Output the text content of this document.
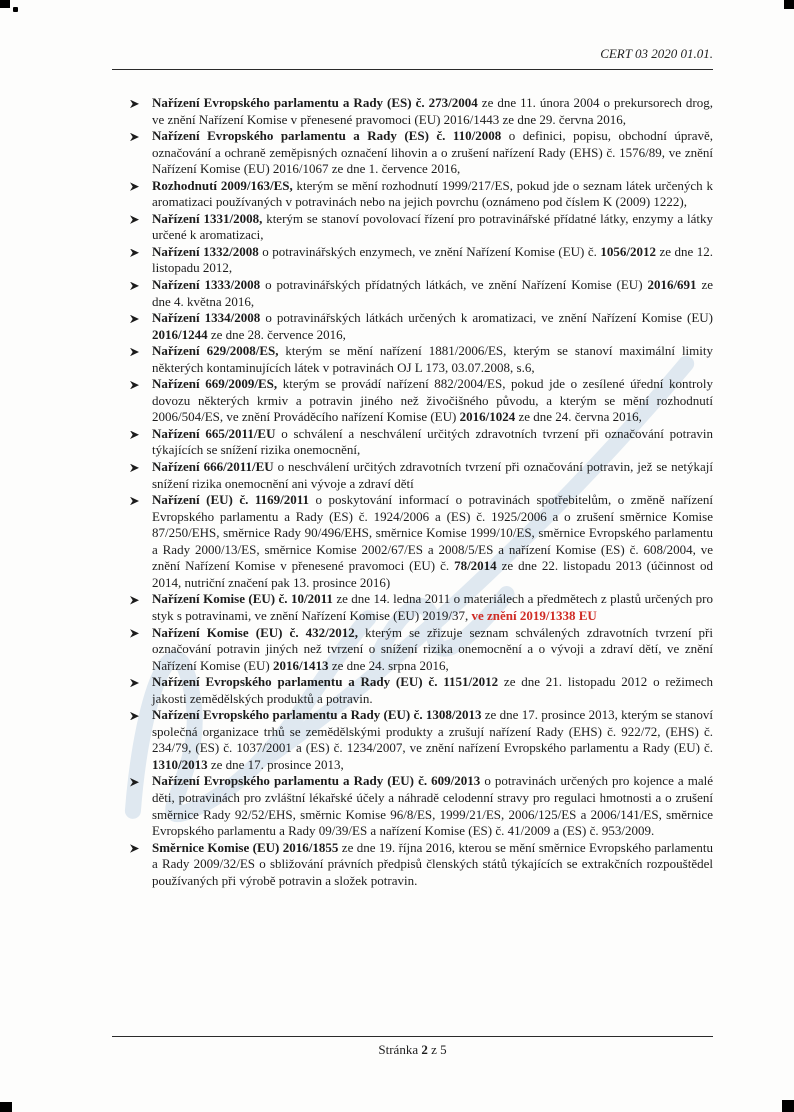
CERT 03 2020 01.01.
Nařízení Evropského parlamentu a Rady (ES) č. 273/2004 ze dne 11. února 2004 o prekursorech drog, ve znění Nařízení Komise v přenesené pravomoci (EU) 2016/1443 ze dne 29. června 2016,
Nařízení Evropského parlamentu a Rady (ES) č. 110/2008 o definici, popisu, obchodní úpravě, označování a ochraně zeměpisných označení lihovin a o zrušení nařízení Rady (EHS) č. 1576/89, ve znění Nařízení Komise (EU) 2016/1067 ze dne 1. července 2016,
Rozhodnutí 2009/163/ES, kterým se mění rozhodnutí 1999/217/ES, pokud jde o seznam látek určených k aromatizaci používaných v potravinách nebo na jejich povrchu (oznámeno pod číslem K (2009) 1222),
Nařízení 1331/2008, kterým se stanoví povolovací řízení pro potravinářské přídatné látky, enzymy a látky určené k aromatizaci,
Nařízení 1332/2008 o potravinářských enzymech, ve znění Nařízení Komise (EU) č. 1056/2012 ze dne 12. listopadu 2012,
Nařízení 1333/2008 o potravinářských přídatných látkách, ve znění Nařízení Komise (EU) 2016/691 ze dne 4. května 2016,
Nařízení 1334/2008 o potravinářských látkách určených k aromatizaci, ve znění Nařízení Komise (EU) 2016/1244 ze dne 28. července 2016,
Nařízení 629/2008/ES, kterým se mění nařízení 1881/2006/ES, kterým se stanoví maximální limity některých kontaminujících látek v potravinách OJ L 173, 03.07.2008, s.6,
Nařízení 669/2009/ES, kterým se provádí nařízení 882/2004/ES, pokud jde o zesílené úřední kontroly dovozu některých krmiv a potravin jiného než živočišného původu, a kterým se mění rozhodnutí 2006/504/ES, ve znění Prováděcího nařízení Komise (EU) 2016/1024 ze dne 24. června 2016,
Nařízení 665/2011/EU o schválení a neschválení určitých zdravotních tvrzení při označování potravin týkajících se snížení rizika onemocnění,
Nařízení 666/2011/EU o neschválení určitých zdravotních tvrzení při označování potravin, jež se netýkají snížení rizika onemocnění ani vývoje a zdraví dětí
Nařízení (EU) č. 1169/2011 o poskytování informací o potravinách spotřebitelům, o změně nařízení Evropského parlamentu a Rady (ES) č. 1924/2006 a (ES) č. 1925/2006 a o zrušení směrnice Komise 87/250/EHS, směrnice Rady 90/496/EHS, směrnice Komise 1999/10/ES, směrnice Evropského parlamentu a Rady 2000/13/ES, směrnice Komise 2002/67/ES a 2008/5/ES a nařízení Komise (ES) č. 608/2004, ve znění Nařízení Komise v přenesené pravomoci (EU) č. 78/2014 ze dne 22. listopadu 2013 (účinnost od 2014, nutriční značení pak 13. prosince 2016)
Nařízení Komise (EU) č. 10/2011 ze dne 14. ledna 2011 o materiálech a předmětech z plastů určených pro styk s potravinami, ve znění Nařízení Komise (EU) 2019/37, ve znění 2019/1338 EU
Nařízení Komise (EU) č. 432/2012, kterým se zřizuje seznam schválených zdravotních tvrzení při označování potravin jiných než tvrzení o snížení rizika onemocnění a o vývoji a zdraví dětí, ve znění Nařízení Komise (EU) 2016/1413 ze dne 24. srpna 2016,
Nařízení Evropského parlamentu a Rady (EU) č. 1151/2012 ze dne 21. listopadu 2012 o režimech jakosti zemědělských produktů a potravin.
Nařízení Evropského parlamentu a Rady (EU) č. 1308/2013 ze dne 17. prosince 2013, kterým se stanoví společná organizace trhů se zemědělskými produkty a zrušují nařízení Rady (EHS) č. 922/72, (EHS) č. 234/79, (ES) č. 1037/2001 a (ES) č. 1234/2007, ve znění nařízení Evropského parlamentu a Rady (EU) č. 1310/2013 ze dne 17. prosince 2013,
Nařízení Evropského parlamentu a Rady (EU) č. 609/2013 o potravinách určených pro kojence a malé děti, potravinách pro zvláštní lékařské účely a náhradě celodenní stravy pro regulaci hmotnosti a o zrušení směrnice Rady 92/52/EHS, směrnic Komise 96/8/ES, 1999/21/ES, 2006/125/ES a 2006/141/ES, směrnice Evropského parlamentu a Rady 09/39/ES a nařízení Komise (ES) č. 41/2009 a (ES) č. 953/2009.
Směrnice Komise (EU) 2016/1855 ze dne 19. října 2016, kterou se mění směrnice Evropského parlamentu a Rady 2009/32/ES o sbližování právních předpisů členských států týkajících se extrakčních rozpouštědel používaných při výrobě potravin a složek potravin.
Stránka 2 z 5
